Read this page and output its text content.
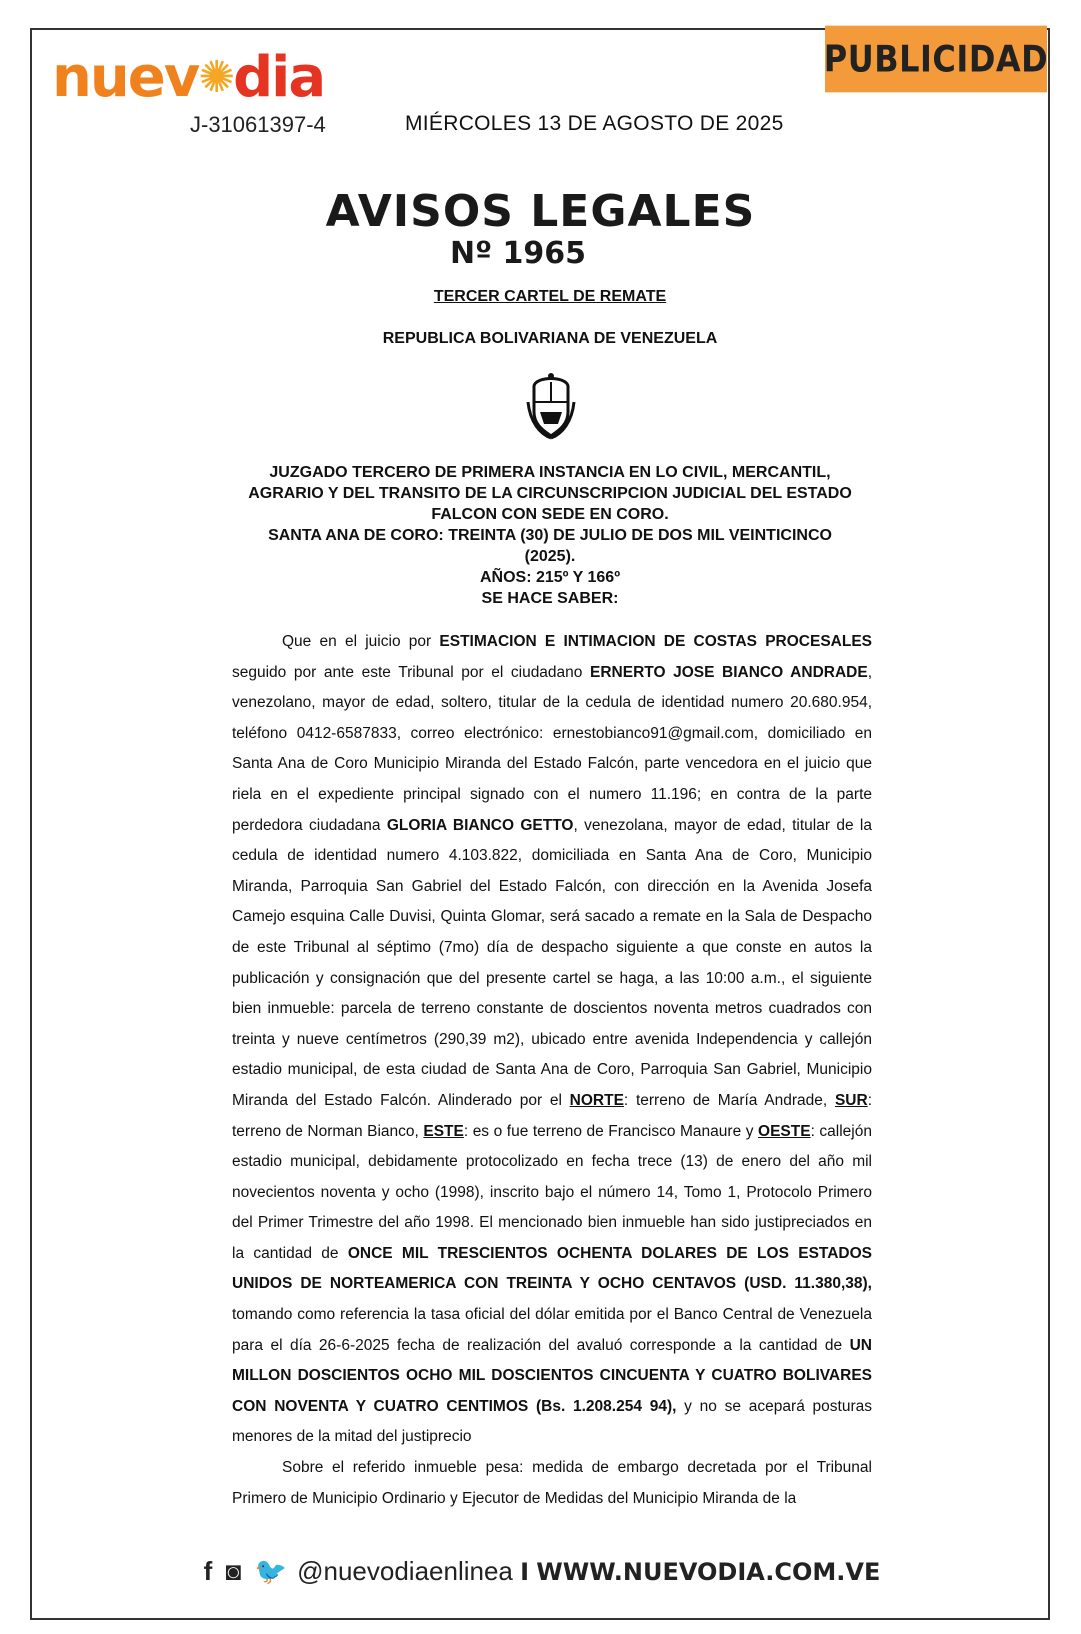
nuev✺dia
J-31061397-4	MIÉRCOLES 13 DE AGOSTO DE 2025
PUBLICIDAD
AVISOS LEGALES
Nº 1965
TERCER CARTEL DE REMATE
REPUBLICA BOLIVARIANA DE VENEZUELA
JUZGADO TERCERO DE PRIMERA INSTANCIA EN LO CIVIL, MERCANTIL,
AGRARIO Y DEL TRANSITO DE LA CIRCUNSCRIPCION JUDICIAL DEL ESTADO
FALCON CON SEDE EN CORO.
SANTA ANA DE CORO: TREINTA (30) DE JULIO DE DOS MIL VEINTICINCO
(2025).
AÑOS: 215º Y 166º
SE HACE SABER:

Que en el juicio por ESTIMACION E INTIMACION DE COSTAS PROCESALES seguido por ante este Tribunal por el ciudadano ERNERTO JOSE BIANCO ANDRADE, venezolano, mayor de edad, soltero, titular de la cedula de identidad numero 20.680.954, teléfono 0412-6587833, correo electrónico: ernestobianco91@gmail.com, domiciliado en Santa Ana de Coro Municipio Miranda del Estado Falcón, parte vencedora en el juicio que riela en el expediente principal signado con el numero 11.196; en contra de la parte perdedora ciudadana GLORIA BIANCO GETTO, venezolana, mayor de edad, titular de la cedula de identidad numero 4.103.822, domiciliada en Santa Ana de Coro, Municipio Miranda, Parroquia San Gabriel del Estado Falcón, con dirección en la Avenida Josefa Camejo esquina Calle Duvisi, Quinta Glomar, será sacado a remate en la Sala de Despacho de este Tribunal al séptimo (7mo) día de despacho siguiente a que conste en autos la publicación y consignación que del presente cartel se haga, a las 10:00 a.m., el siguiente bien inmueble: parcela de terreno constante de doscientos noventa metros cuadrados con treinta y nueve centímetros (290,39 m2), ubicado entre avenida Independencia y callejón estadio municipal, de esta ciudad de Santa Ana de Coro, Parroquia San Gabriel, Municipio Miranda del Estado Falcón. Alinderado por el NORTE: terreno de María Andrade, SUR: terreno de Norman Bianco, ESTE: es o fue terreno de Francisco Manaure y OESTE: callejón estadio municipal, debidamente protocolizado en fecha trece (13) de enero del año mil novecientos noventa y ocho (1998), inscrito bajo el número 14, Tomo 1, Protocolo Primero del Primer Trimestre del año 1998. El mencionado bien inmueble han sido justipreciados en la cantidad de ONCE MIL TRESCIENTOS OCHENTA DOLARES DE LOS ESTADOS UNIDOS DE NORTEAMERICA CON TREINTA Y OCHO CENTAVOS (USD. 11.380,38), tomando como referencia la tasa oficial del dólar emitida por el Banco Central de Venezuela para el día 26-6-2025 fecha de realización del avaluó corresponde a la cantidad de UN MILLON DOSCIENTOS OCHO MIL DOSCIENTOS CINCUENTA Y CUATRO BOLIVARES CON NOVENTA Y CUATRO CENTIMOS (Bs. 1.208.254 94), y no se acepará posturas menores de la mitad del justiprecio

Sobre el referido inmueble pesa: medida de embargo decretada por el Tribunal Primero de Municipio Ordinario y Ejecutor de Medidas del Municipio Miranda de la

f ◙ 🐦 @nuevodiaenlinea I WWW.NUEVODIA.COM.VE
